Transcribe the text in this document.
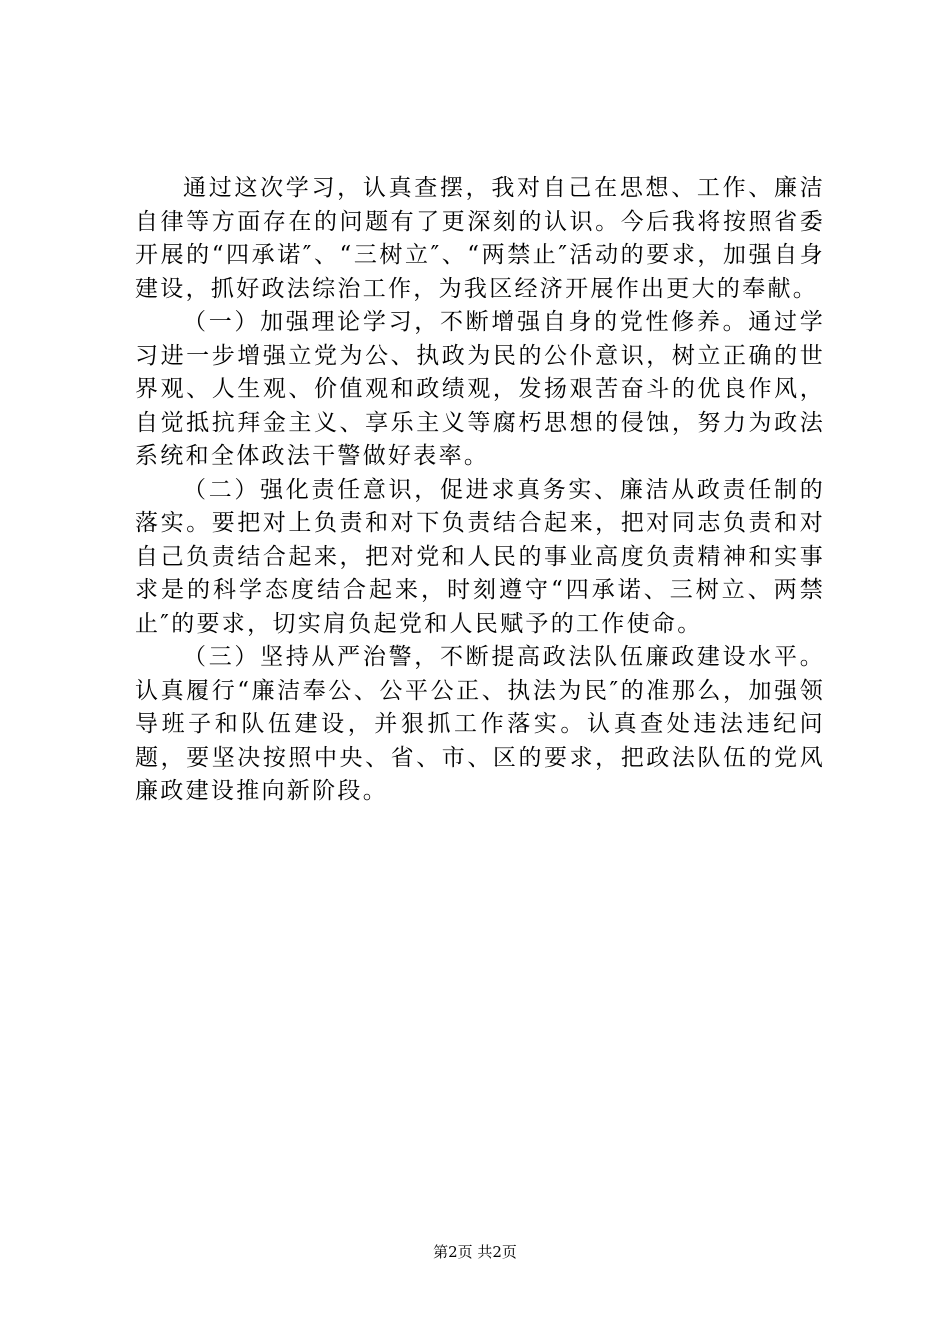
通过这次学习，认真查摆，我对自己在思想、工作、廉洁自律等方面存在的问题有了更深刻的认识。今后我将按照省委开展的“四承诺″、“三树立″、“两禁止″活动的要求，加强自身建设，抓好政法综治工作，为我区经济开展作出更大的奉献。

（一）加强理论学习，不断增强自身的党性修养。通过学习进一步增强立党为公、执政为民的公仆意识，树立正确的世界观、人生观、价值观和政绩观，发扬艰苦奋斗的优良作风，自觉抵抗拜金主义、享乐主义等腐朽思想的侵蚀，努力为政法系统和全体政法干警做好表率。

（二）强化责任意识，促进求真务实、廉洁从政责任制的落实。要把对上负责和对下负责结合起来，把对同志负责和对自己负责结合起来，把对党和人民的事业高度负责精神和实事求是的科学态度结合起来，时刻遵守“四承诺、三树立、两禁止″的要求，切实肩负起党和人民赋予的工作使命。

（三）坚持从严治警，不断提高政法队伍廉政建设水平。认真履行“廉洁奉公、公平公正、执法为民″的准那么，加强领导班子和队伍建设，并狠抓工作落实。认真查处违法违纪问题，要坚决按照中央、省、市、区的要求，把政法队伍的党风廉政建设推向新阶段。

第2页 共2页
